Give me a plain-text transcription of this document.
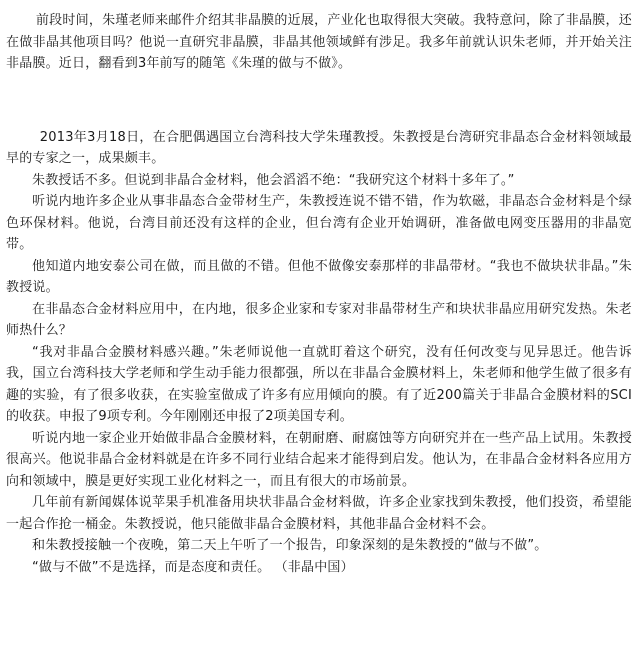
前段时间，朱瑾老师来邮件介绍其非晶膜的近展，产业化也取得很大突破。我特意问，除了非晶膜，还在做非晶其他项目吗？他说一直研究非晶膜，非晶其他领域鲜有涉足。我多年前就认识朱老师，并开始关注非晶膜。近日，翻看到3年前写的随笔《朱瑾的做与不做》。

2013年3月18日，在合肥偶遇国立台湾科技大学朱瑾教授。朱教授是台湾研究非晶态合金材料领域最早的专家之一，成果颇丰。

朱教授话不多。但说到非晶合金材料，他会滔滔不绝：“我研究这个材料十多年了。”

听说内地许多企业从事非晶态合金带材生产，朱教授连说不错不错，作为软磁，非晶态合金材料是个绿色环保材料。他说，台湾目前还没有这样的企业，但台湾有企业开始调研，准备做电网变压器用的非晶宽带。

他知道内地安泰公司在做，而且做的不错。但他不做像安泰那样的非晶带材。“我也不做块状非晶。”朱教授说。

在非晶态合金材料应用中，在内地，很多企业家和专家对非晶带材生产和块状非晶应用研究发热。朱老师热什么？

“我对非晶合金膜材料感兴趣。”朱老师说他一直就盯着这个研究，没有任何改变与见异思迁。他告诉我，国立台湾科技大学老师和学生动手能力很都强，所以在非晶合金膜材料上，朱老师和他学生做了很多有趣的实验，有了很多收获，在实验室做成了许多有应用倾向的膜。有了近200篇关于非晶合金膜材料的SCI的收获。申报了9项专利。今年刚刚还申报了2项美国专利。

听说内地一家企业开始做非晶合金膜材料，在朝耐磨、耐腐蚀等方向研究并在一些产品上试用。朱教授很高兴。他说非晶合金材料就是在许多不同行业结合起来才能得到启发。他认为，在非晶合金材料各应用方向和领域中，膜是更好实现工业化材料之一，而且有很大的市场前景。

几年前有新闻媒体说苹果手机准备用块状非晶合金材料做，许多企业家找到朱教授，他们投资，希望能一起合作抢一桶金。朱教授说，他只能做非晶合金膜材料，其他非晶合金材料不会。

和朱教授接触一个夜晚，第二天上午听了一个报告，印象深刻的是朱教授的“做与不做”。

“做与不做”不是选择，而是态度和责任。 （非晶中国）
